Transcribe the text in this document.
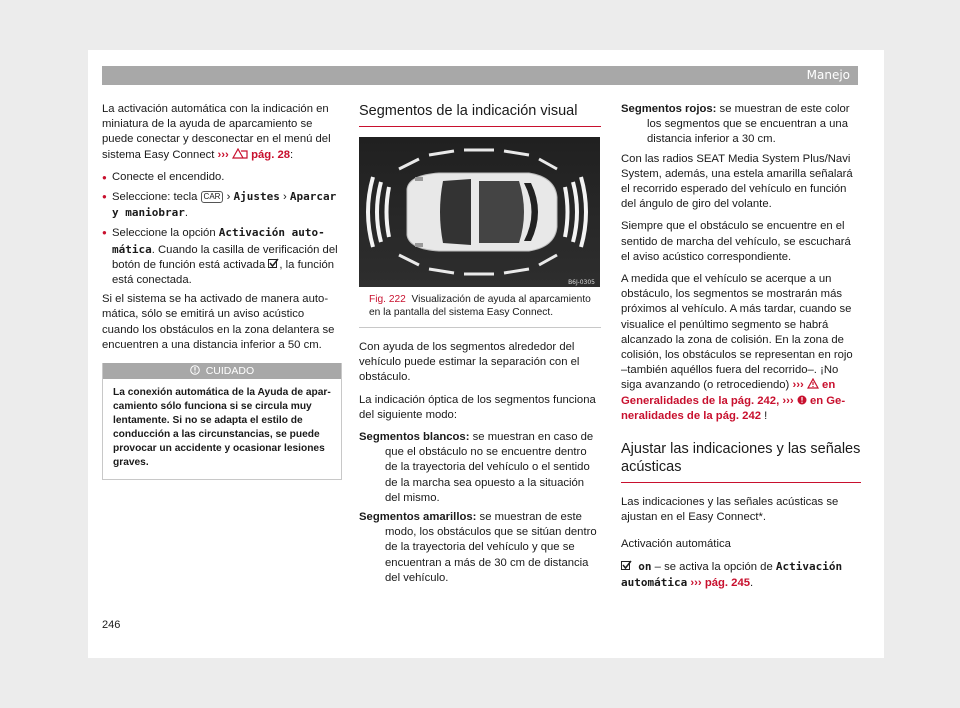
Manejo

La activación automática con la indicación en miniatura de la ayuda de aparcamiento se puede conectar y desconectar en el menú del sistema Easy Connect ››› pág. 28:

● Conecte el encendido.

● Seleccione: tecla CAR › Ajustes › Aparcar y maniobrar.

● Seleccione la opción Activación automática. Cuando la casilla de verificación del botón de función está activada , la función está conectada.

Si el sistema se ha activado de manera automática, sólo se emitirá un aviso acústico cuando los obstáculos en la zona delantera se encuentren a una distancia inferior a 50 cm.

CUIDADO
La conexión automática de la Ayuda de aparcamiento sólo funciona si se circula muy lentamente. Si no se adapta el estilo de conducción a las circunstancias, se puede provocar un accidente y ocasionar lesiones graves.
Segmentos de la indicación visual
B6J-0305
Fig. 222 Visualización de ayuda al aparcamiento en la pantalla del sistema Easy Connect.

Con ayuda de los segmentos alrededor del vehículo puede estimar la separación con el obstáculo.

La indicación óptica de los segmentos funciona del siguiente modo:

Segmentos blancos: se muestran en caso de que el obstáculo no se encuentre dentro de la trayectoria del vehículo o el sentido de la marcha sea opuesto a la situación del mismo.

Segmentos amarillos: se muestran de este modo, los obstáculos que se sitúan dentro de la trayectoria del vehículo y que se encuentran a más de 30 cm de distancia del vehículo.

Segmentos rojos: se muestran de este color los segmentos que se encuentran a una distancia inferior a 30 cm.

Con las radios SEAT Media System Plus/Navi System, además, una estela amarilla señalará el recorrido esperado del vehículo en función del ángulo de giro del volante.

Siempre que el obstáculo se encuentre en el sentido de marcha del vehículo, se escuchará el aviso acústico correspondiente.

A medida que el vehículo se acerque a un obstáculo, los segmentos se mostrarán más próximos al vehículo. A más tardar, cuando se visualice el penúltimo segmento se habrá alcanzado la zona de colisión. En la zona de colisión, los obstáculos se representan en rojo –también aquéllos fuera del recorrido–. ¡No siga avanzando (o retrocediendo) ››› en Generalidades de la pág. 242, ››› en Generalidades de la pág. 242 !

Ajustar las indicaciones y las señales acústicas

Las indicaciones y las señales acústicas se ajustan en el Easy Connect*.

Activación automática

on – se activa la opción de Activación automática ››› pág. 245.

246
